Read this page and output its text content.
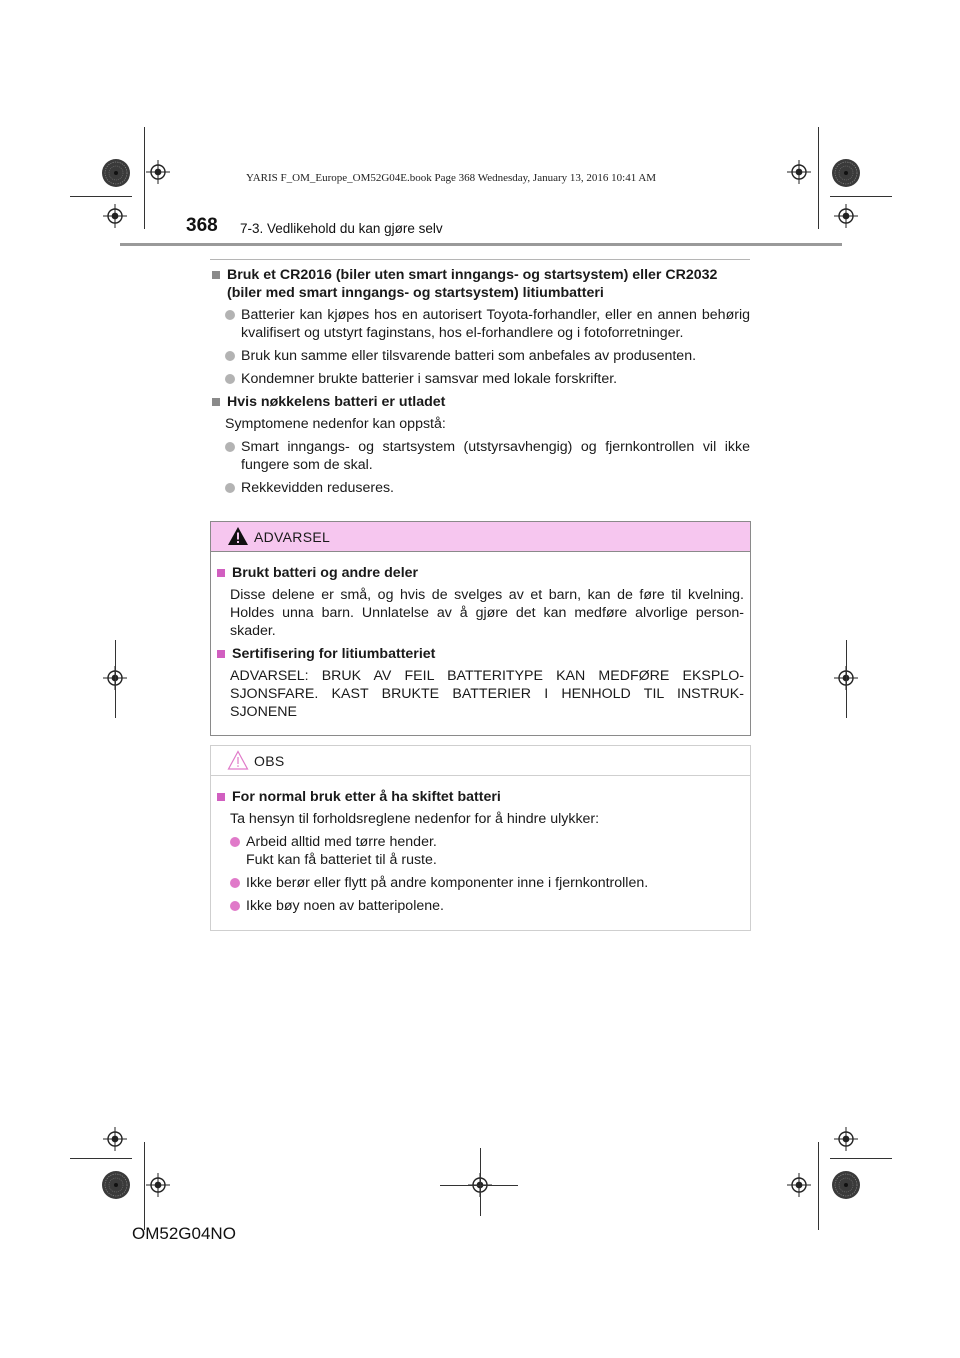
YARIS F_OM_Europe_OM52G04E.book Page 368 Wednesday, January 13, 2016 10:41 AM
368 7-3. Vedlikehold du kan gjøre selv
Bruk et CR2016 (biler uten smart inngangs- og startsystem) eller CR2032 (biler med smart inngangs- og startsystem) litiumbatteri
Batterier kan kjøpes hos en autorisert Toyota-forhandler, eller en annen behørig kvalifisert og utstyrt faginstans, hos el-forhandlere og i fotoforretninger.
Bruk kun samme eller tilsvarende batteri som anbefales av produsenten.
Kondemner brukte batterier i samsvar med lokale forskrifter.
Hvis nøkkelens batteri er utladet
Symptomene nedenfor kan oppstå:
Smart inngangs- og startsystem (utstyrsavhengig) og fjernkontrollen vil ikke fungere som de skal.
Rekkevidden reduseres.
ADVARSEL
Brukt batteri og andre deler
Disse delene er små, og hvis de svelges av et barn, kan de føre til kvelning. Holdes unna barn. Unnlatelse av å gjøre det kan medføre alvorlige person-skader.
Sertifisering for litiumbatteriet
ADVARSEL: BRUK AV FEIL BATTERITYPE KAN MEDFØRE EKSPLO-SJONSFARE. KAST BRUKTE BATTERIER I HENHOLD TIL INSTRUK-SJONENE
OBS
For normal bruk etter å ha skiftet batteri
Ta hensyn til forholdsreglene nedenfor for å hindre ulykker:
Arbeid alltid med tørre hender.
Fukt kan få batteriet til å ruste.
Ikke berør eller flytt på andre komponenter inne i fjernkontrollen.
Ikke bøy noen av batteripolene.
OM52G04NO
